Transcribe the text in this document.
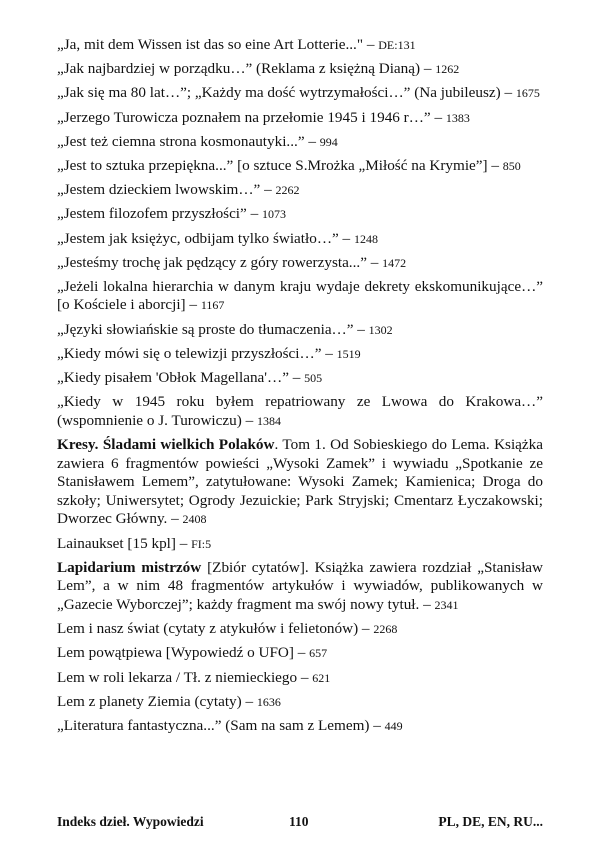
„Ja, mit dem Wissen ist das so eine Art Lotterie..." – DE:131

„Jak najbardziej w porządku…” (Reklama z księżną Dianą) – 1262

„Jak się ma 80 lat…”; „Każdy ma dość wytrzymałości…” (Na jubileusz) – 1675

„Jerzego Turowicza poznałem na przełomie 1945 i 1946 r…” – 1383

„Jest też ciemna strona kosmonautyki...” – 994

„Jest to sztuka przepiękna...” [o sztuce S.Mrożka „Miłość na Krymie”] – 850

„Jestem dzieckiem lwowskim…” – 2262

„Jestem filozofem przyszłości” – 1073

„Jestem jak księżyc, odbijam tylko światło…” – 1248

„Jesteśmy trochę jak pędzący z góry rowerzysta...” – 1472

„Jeżeli lokalna hierarchia w danym kraju wydaje dekrety ekskomunikujące…” [o Kościele i aborcji] – 1167

„Języki słowiańskie są proste do tłumaczenia…” – 1302

„Kiedy mówi się o telewizji przyszłości…” – 1519

„Kiedy pisałem 'Obłok Magellana'…” – 505

„Kiedy w 1945 roku byłem repatriowany ze Lwowa do Krakowa…” (wspomnienie o J. Turowiczu) – 1384

Kresy. Śladami wielkich Polaków. Tom 1. Od Sobieskiego do Lema. Książka zawiera 6 fragmentów powieści „Wysoki Zamek” i wywiadu „Spotkanie ze Stanisławem Lemem”, zatytułowane: Wysoki Zamek; Kamienica; Droga do szkoły; Uniwersytet; Ogrody Jezuickie; Park Stryjski; Cmentarz Łyczakowski; Dworzec Główny. – 2408

Lainaukset [15 kpl] – FI:5

Lapidarium mistrzów [Zbiór cytatów]. Książka zawiera rozdział „Stanisław Lem”, a w nim 48 fragmentów artykułów i wywiadów, publikowanych w „Gazecie Wyborczej”; każdy fragment ma swój nowy tytuł. – 2341

Lem i nasz świat (cytaty z atykułów i felietonów) – 2268

Lem powątpiewa [Wypowiedź o UFO] – 657

Lem w roli lekarza / Tł. z niemieckiego – 621

Lem z planety Ziemia (cytaty) – 1636

„Literatura fantastyczna...” (Sam na sam z Lemem) – 449

Indeks dzieł. Wypowiedzi	110	PL, DE, EN, RU...
